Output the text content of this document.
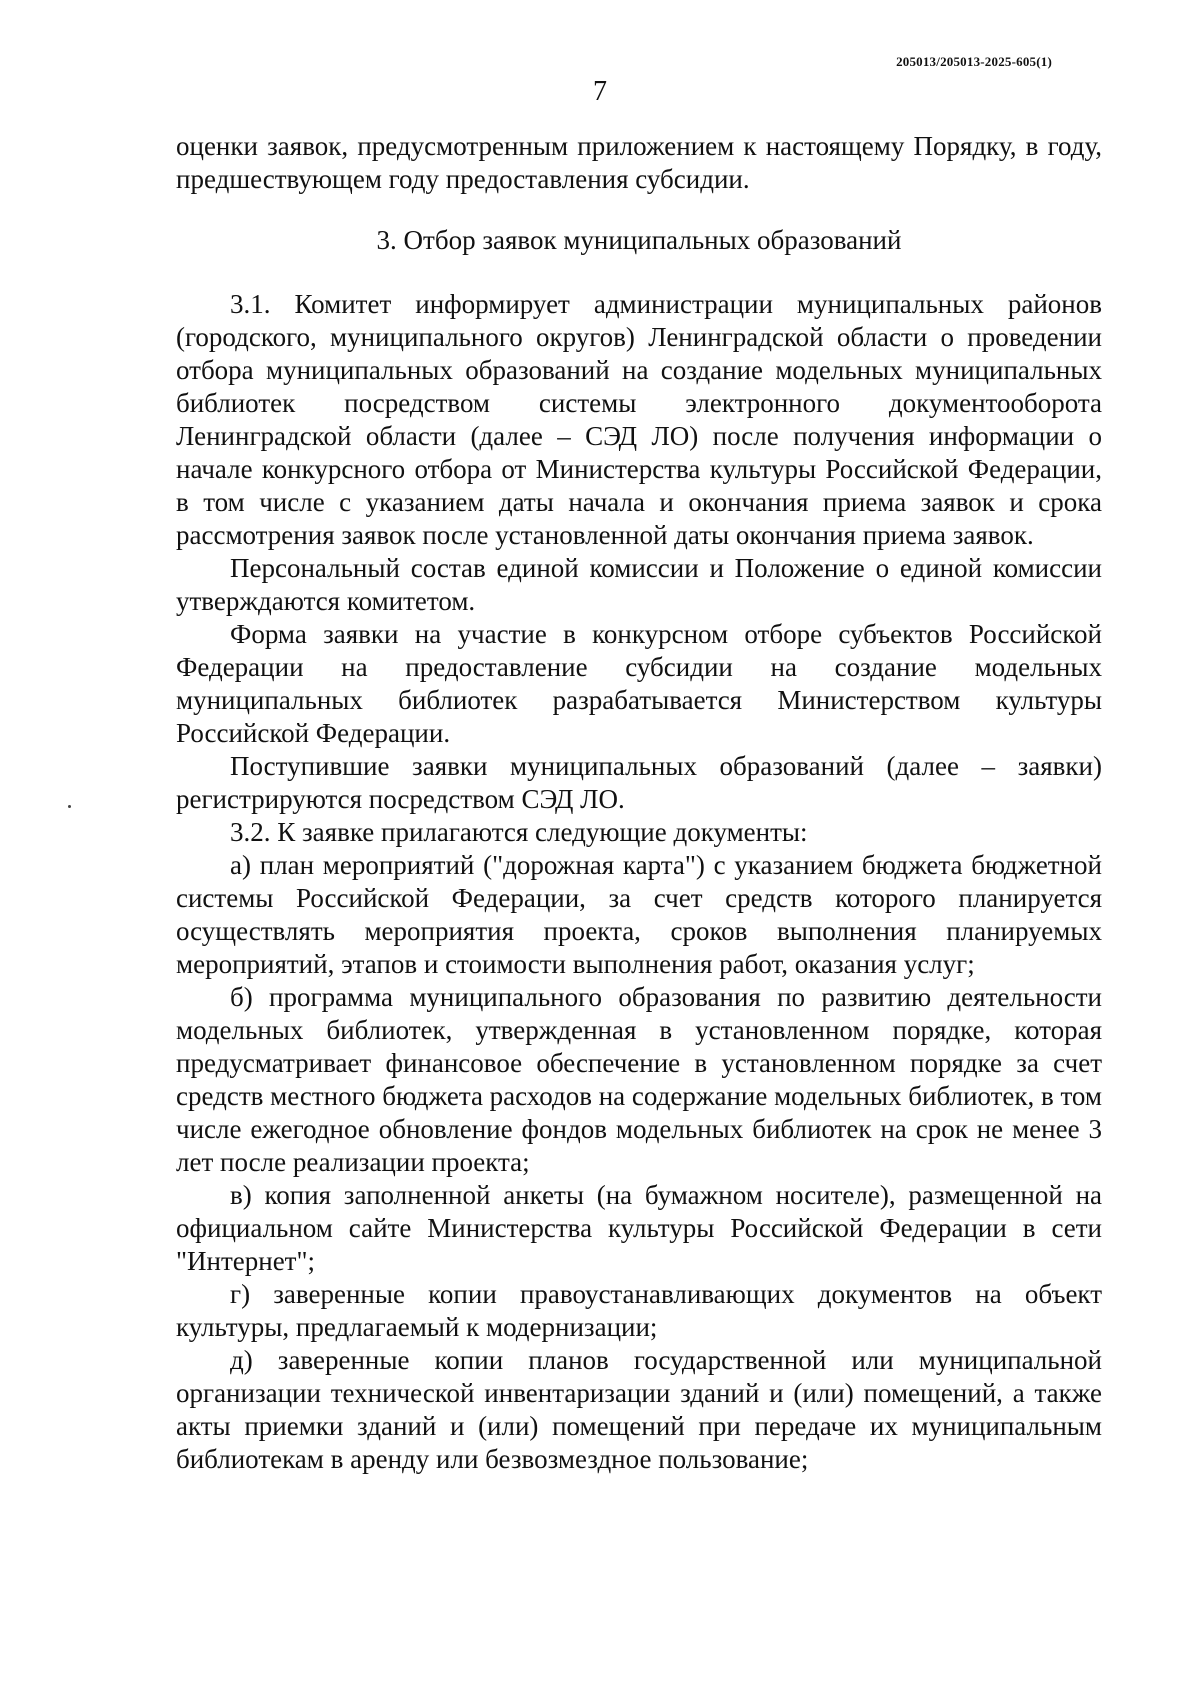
205013/205013-2025-605(1)
7

оценки заявок, предусмотренным приложением к настоящему Порядку, в году, предшествующем году предоставления субсидии.

3. Отбор заявок муниципальных образований

3.1. Комитет информирует администрации муниципальных районов (городского, муниципального округов) Ленинградской области о проведении отбора муниципальных образований на создание модельных муниципальных библиотек посредством системы электронного документооборота Ленинградской области (далее – СЭД ЛО) после получения информации о начале конкурсного отбора от Министерства культуры Российской Федерации, в том числе с указанием даты начала и окончания приема заявок и срока рассмотрения заявок после установленной даты окончания приема заявок.

Персональный состав единой комиссии и Положение о единой комиссии утверждаются комитетом.

Форма заявки на участие в конкурсном отборе субъектов Российской Федерации на предоставление субсидии на создание модельных муниципальных библиотек разрабатывается Министерством культуры Российской Федерации.

Поступившие заявки муниципальных образований (далее – заявки) регистрируются посредством СЭД ЛО.

3.2. К заявке прилагаются следующие документы:

а) план мероприятий ("дорожная карта") с указанием бюджета бюджетной системы Российской Федерации, за счет средств которого планируется осуществлять мероприятия проекта, сроков выполнения планируемых мероприятий, этапов и стоимости выполнения работ, оказания услуг;

б) программа муниципального образования по развитию деятельности модельных библиотек, утвержденная в установленном порядке, которая предусматривает финансовое обеспечение в установленном порядке за счет средств местного бюджета расходов на содержание модельных библиотек, в том числе ежегодное обновление фондов модельных библиотек на срок не менее 3 лет после реализации проекта;

в) копия заполненной анкеты (на бумажном носителе), размещенной на официальном сайте Министерства культуры Российской Федерации в сети "Интернет";

г) заверенные копии правоустанавливающих документов на объект культуры, предлагаемый к модернизации;

д) заверенные копии планов государственной или муниципальной организации технической инвентаризации зданий и (или) помещений, а также акты приемки зданий и (или) помещений при передаче их муниципальным библиотекам в аренду или безвозмездное пользование;
